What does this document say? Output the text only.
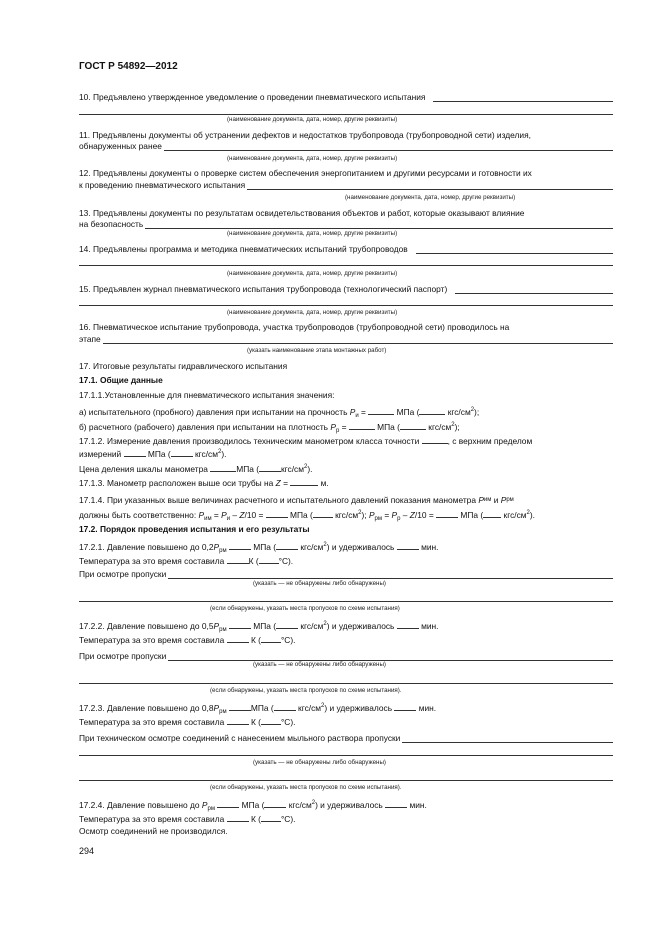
ГОСТ Р 54892—2012
10. Предъявлено утвержденное уведомление о проведении пневматического испытания
(наименование документа, дата, номер, другие реквизиты)
11. Предъявлены документы об устранении дефектов и недостатков трубопровода (трубопроводной сети) изделия,
обнаруженных ранее
(наименование документа, дата, номер, другие реквизиты)
12. Предъявлены документы о проверке систем обеспечения энергопитанием и другими ресурсами и готовности их
к проведению пневматического испытания
(наименование документа, дата, номер, другие реквизиты)
13. Предъявлены документы по результатам освидетельствования объектов и работ, которые оказывают влияние
на безопасность
(наименование документа, дата, номер, другие реквизиты)
14. Предъявлены программа и методика пневматических испытаний трубопроводов
(наименование документа, дата, номер, другие реквизиты)
15. Предъявлен журнал пневматического испытания трубопровода (технологический паспорт)
(наименование документа, дата, номер, другие реквизиты)
16. Пневматическое испытание трубопровода, участка трубопроводов (трубопроводной сети) проводилось на
этапе
(указать наименование этапа монтажных работ)
17. Итоговые результаты гидравлического испытания
17.1. Общие данные
17.1.1.Установленные для пневматического испытания значения:
а) испытательного (пробного) давления при испытании на прочность $P_и$ =	МПа (	кгс/$см^2$);
б) расчетного (рабочего) давления при испытании на плотность $P_р$ =	МПа (	кгс/$см^2$);
17.1.2. Измерение давления производилось техническим манометром класса точности	, с верхним пределом
измерений	МПа (	кгс/$см^2$).
Цена деления шкалы манометра	МПа (	кгс/$см^2$).
17.1.3. Манометр расположен выше оси трубы на Z =	м.
17.1.4. При указанных выше величинах расчетного и испытательного давлений показания манометра
P им и P рм
должны быть соответственно: $P_{им} = P_и - Z/10$ =	МПа ( кгс/$см^2$); $P_{рм} = P_р - Z/10$ =	МПа ( кгс/$см^2$).
17.2. Порядок проведения испытания и его результаты
17.2.1. Давление повышено до $0,2P_{рм}$	МПа (	кгс/$см^2$) и удерживалось	мин.
Температура за это время составила	К ( °С).
При осмотре пропуски
(указать — не обнаружены либо обнаружены)
(если обнаружены, указать места пропусков по схеме испытания)
17.2.2. Давление повышено до $0,5P_{рм}$	МПа (	кгс/$см^2$) и удерживалось	мин.
Температура за это время составила	К ( °С).
При осмотре пропуски
(указать — не обнаружены либо обнаружены)
(если обнаружены, указать места пропусков по схеме испытания).
17.2.3. Давление повышено до $0,8P_{рм}$	МПа (	кгс/$см^2$) и удерживалось	мин.
Температура за это время составила	К ( °С).
При техническом осмотре соединений с нанесением мыльного раствора пропуски
(указать — не обнаружены либо обнаружены)
(если обнаружены, указать места пропусков по схеме испытания).
17.2.4. Давление повышено до $P_{рм}$	МПа (	кгс/$см^2$) и удерживалось	мин.
Температура за это время составила	К ( °С).
Осмотр соединений не производился.
294
